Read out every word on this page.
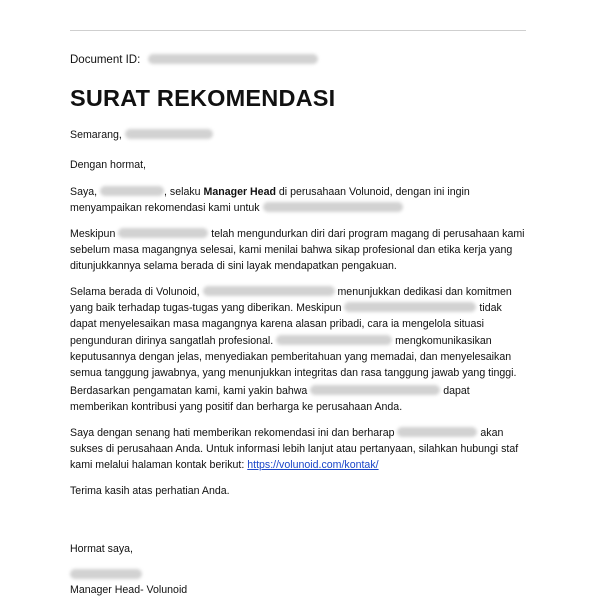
Document ID:
SURAT REKOMENDASI

Semarang,

Dengan hormat,

Saya,	, selaku Manager Head di perusahaan Volunoid, dengan ini ingin menyampaikan rekomendasi kami untuk

Meskipun	telah mengundurkan diri dari program magang di perusahaan kami sebelum masa magangnya selesai, kami menilai bahwa sikap profesional dan etika kerja yang ditunjukkannya selama berada di sini layak mendapatkan pengakuan.

Selama berada di Volunoid,	menunjukkan dedikasi dan komitmen yang baik terhadap tugas-tugas yang diberikan. Meskipun	tidak dapat menyelesaikan masa magangnya karena alasan pribadi, cara ia mengelola situasi pengunduran dirinya sangatlah profesional.	mengkomunikasikan keputusannya dengan jelas, menyediakan pemberitahuan yang memadai, dan menyelesaikan semua tanggung jawabnya, yang menunjukkan integritas dan rasa tanggung jawab yang tinggi.

Berdasarkan pengamatan kami, kami yakin bahwa	dapat memberikan kontribusi yang positif dan berharga ke perusahaan Anda.

Saya dengan senang hati memberikan rekomendasi ini dan berharap	akan sukses di perusahaan Anda. Untuk informasi lebih lanjut atau pertanyaan, silahkan hubungi staf kami melalui halaman kontak berikut: https://volunoid.com/kontak/

Terima kasih atas perhatian Anda.

Hormat saya,

Manager Head- Volunoid
